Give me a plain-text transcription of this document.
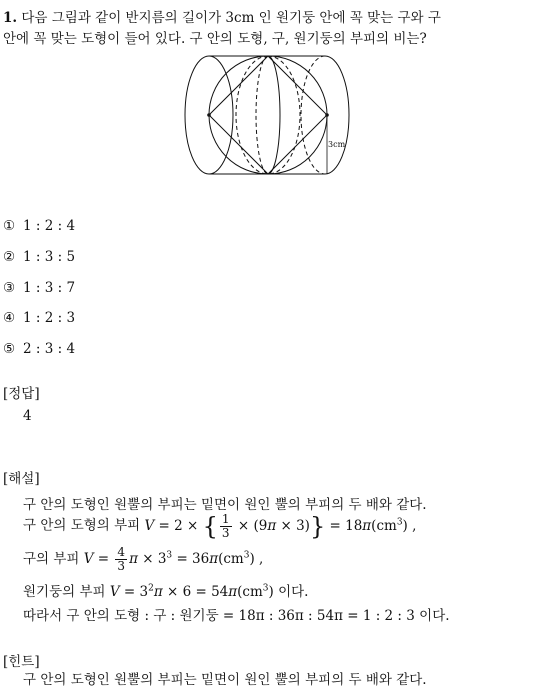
1. 다음 그림과 같이 반지름의 길이가 3cm 인 원기둥 안에 꼭 맞는 구와 구
안에 꼭 맞는 도형이 들어 있다. 구 안의 도형, 구, 원기둥의 부피의 비는?
3cm
① 1 : 2 : 4
② 1 : 3 : 5
③ 1 : 3 : 7
④ 1 : 2 : 3
⑤ 2 : 3 : 4
[정답]
4
[해설]
구 안의 도형인 원뿔의 부피는 밑면이 원인 뿔의 부피의 두 배와 같다.
구 안의 도형의 부피 V = 2 × { $\frac{1}{3} \times (9\pi \times 3)\} = 18\pi(cm^3)$ ,
구의 부피 $V = \frac{4}{3}$ $\pi \times 3^3 = 36\pi(cm^3)$ ,
원기둥의 부피 $V = 3^2\pi \times 6 = 54\pi(cm^3)$ 이다.
따라서 구 안의 도형 : 구 : 원기둥 = 18π : 36π : 54π = 1 : 2 : 3 이다.
[힌트]
구 안의 도형인 원뿔의 부피는 밑면이 원인 뿔의 부피의 두 배와 같다.
